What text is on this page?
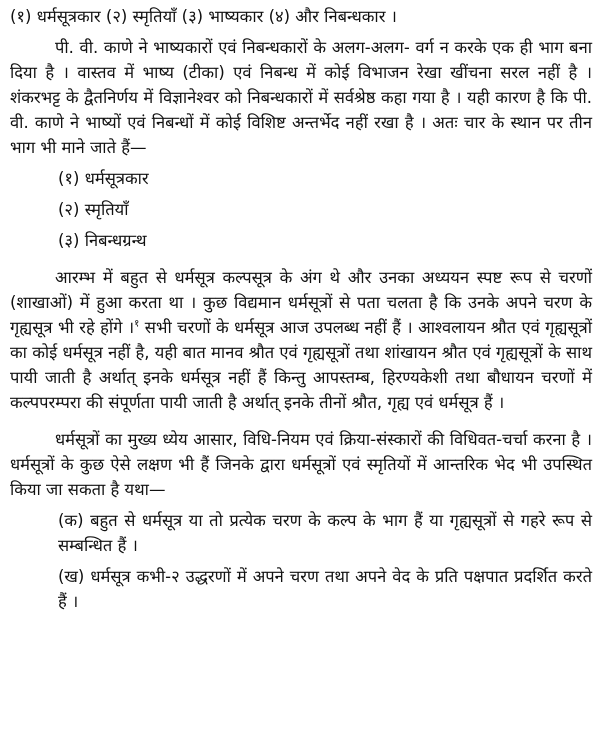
(१) धर्मसूत्रकार (२) स्मृतियाँ (३) भाष्यकार (४) और निबन्धकार ।

पी. वी. काणे ने भाष्यकारों एवं निबन्धकारों के अलग-अलग- वर्ग न करके एक ही भाग बना दिया है । वास्तव में भाष्य (टीका) एवं निबन्ध में कोई विभाजन रेखा खींचना सरल नहीं है । शंकरभट्ट के द्वैतनिर्णय में विज्ञानेश्वर को निबन्धकारों में सर्वश्रेष्ठ कहा गया है । यही कारण है कि पी. वी. काणे ने भाष्यों एवं निबन्धों में कोई विशिष्ट अन्तर्भेद नहीं रखा है । अतः चार के स्थान पर तीन भाग भी माने जाते हैं—

(१) धर्मसूत्रकार

(२) स्मृतियाँ

(३) निबन्धग्रन्थ

आरम्भ में बहुत से धर्मसूत्र कल्पसूत्र के अंग थे और उनका अध्ययन स्पष्ट रूप से चरणों (शाखाओं) में हुआ करता था । कुछ विद्यमान धर्मसूत्रों से पता चलता है कि उनके अपने चरण के गृह्यसूत्र भी रहे होंगे ।$^१$ सभी चरणों के धर्मसूत्र आज उपलब्ध नहीं हैं । आश्वलायन श्रौत एवं गृह्यसूत्रों का कोई धर्मसूत्र नहीं है, यही बात मानव श्रौत एवं गृह्यसूत्रों तथा शांखायन श्रौत एवं गृह्यसूत्रों के साथ पायी जाती है अर्थात् इनके धर्मसूत्र नहीं हैं किन्तु आपस्तम्ब, हिरण्यकेशी तथा बौधायन चरणों में कल्पपरम्परा की संपूर्णता पायी जाती है अर्थात् इनके तीनों श्रौत, गृह्य एवं धर्मसूत्र हैं ।

धर्मसूत्रों का मुख्य ध्येय आसार, विधि-नियम एवं क्रिया-संस्कारों की विधिवत-चर्चा करना है । धर्मसूत्रों के कुछ ऐसे लक्षण भी हैं जिनके द्वारा धर्मसूत्रों एवं स्मृतियों में आन्तरिक भेद भी उपस्थित किया जा सकता है यथा—

(क) बहुत से धर्मसूत्र या तो प्रत्येक चरण के कल्प के भाग हैं या गृह्यसूत्रों से गहरे रूप से सम्बन्धित हैं ।

(ख) धर्मसूत्र कभी-२ उद्धरणों में अपने चरण तथा अपने वेद के प्रति पक्षपात प्रदर्शित करते हैं ।
